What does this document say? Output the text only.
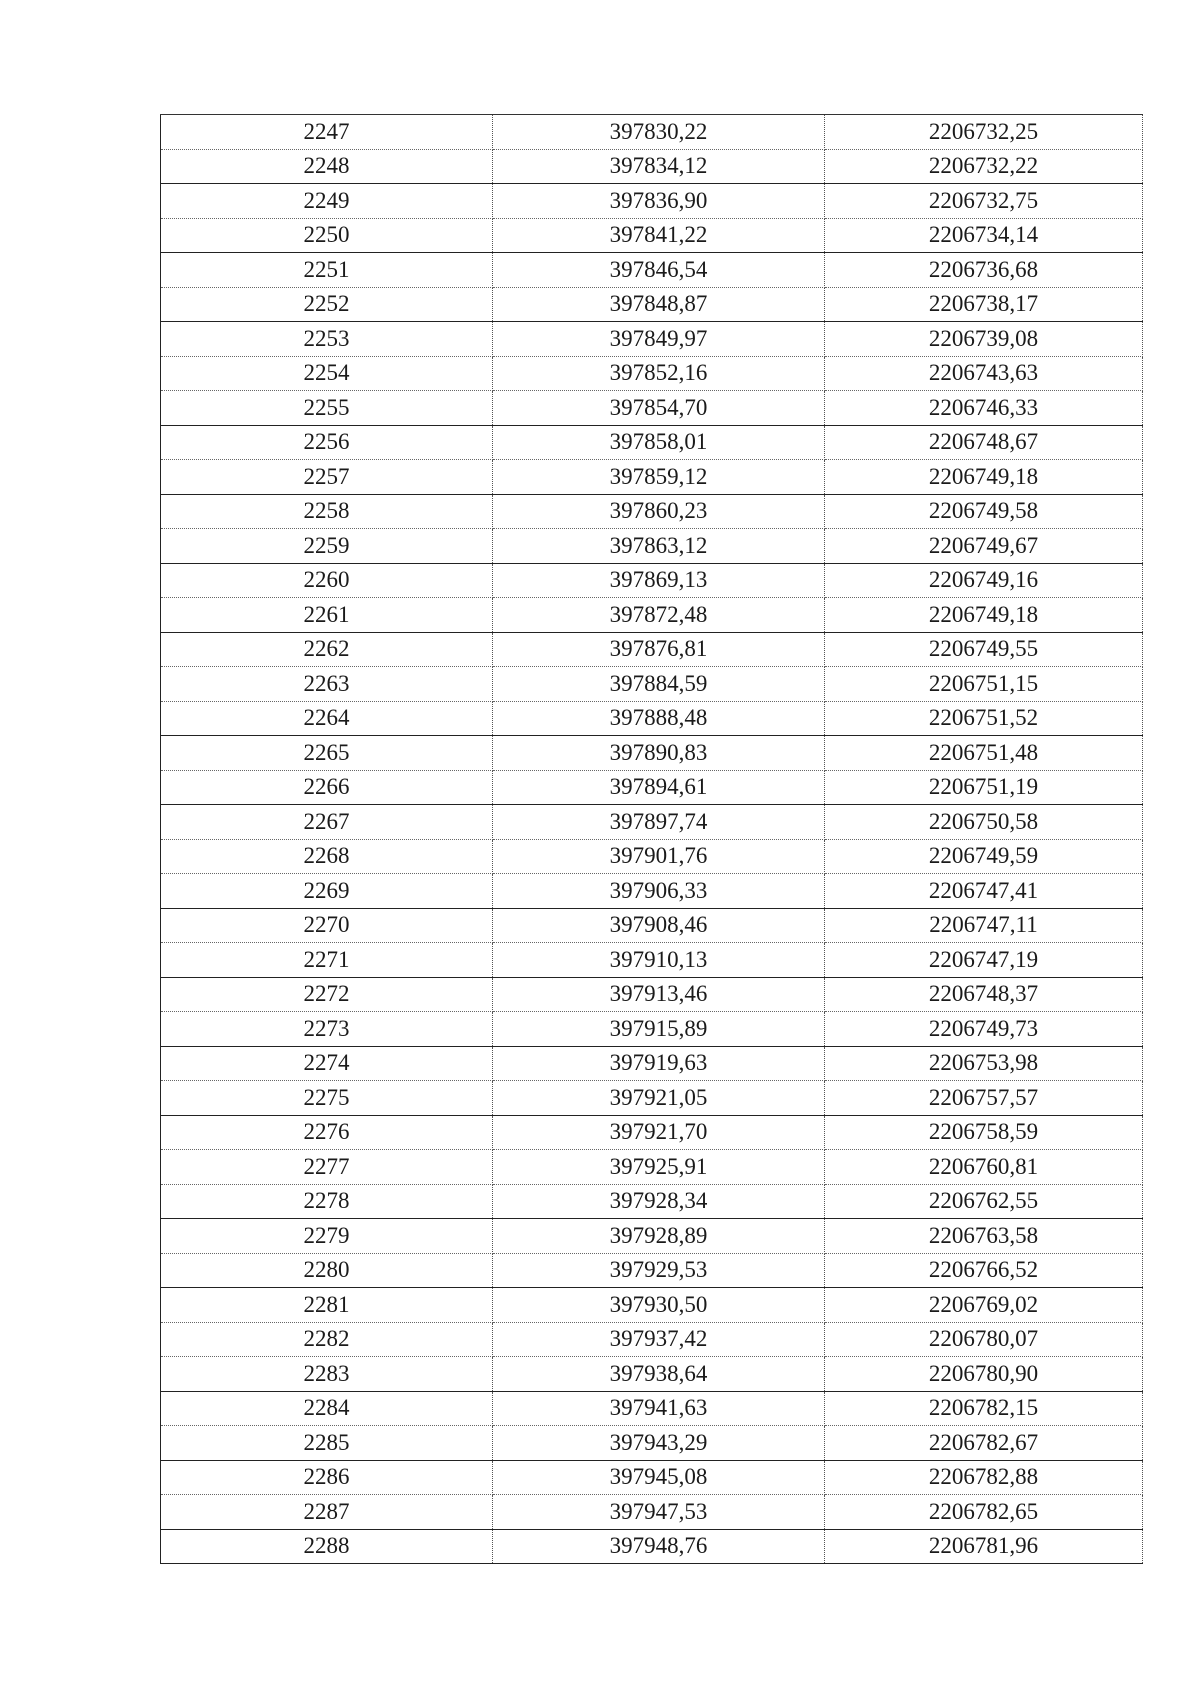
2247	397830,22	2206732,25
2248	397834,12	2206732,22
2249	397836,90	2206732,75
2250	397841,22	2206734,14
2251	397846,54	2206736,68
2252	397848,87	2206738,17
2253	397849,97	2206739,08
2254	397852,16	2206743,63
2255	397854,70	2206746,33
2256	397858,01	2206748,67
2257	397859,12	2206749,18
2258	397860,23	2206749,58
2259	397863,12	2206749,67
2260	397869,13	2206749,16
2261	397872,48	2206749,18
2262	397876,81	2206749,55
2263	397884,59	2206751,15
2264	397888,48	2206751,52
2265	397890,83	2206751,48
2266	397894,61	2206751,19
2267	397897,74	2206750,58
2268	397901,76	2206749,59
2269	397906,33	2206747,41
2270	397908,46	2206747,11
2271	397910,13	2206747,19
2272	397913,46	2206748,37
2273	397915,89	2206749,73
2274	397919,63	2206753,98
2275	397921,05	2206757,57
2276	397921,70	2206758,59
2277	397925,91	2206760,81
2278	397928,34	2206762,55
2279	397928,89	2206763,58
2280	397929,53	2206766,52
2281	397930,50	2206769,02
2282	397937,42	2206780,07
2283	397938,64	2206780,90
2284	397941,63	2206782,15
2285	397943,29	2206782,67
2286	397945,08	2206782,88
2287	397947,53	2206782,65
2288	397948,76	2206781,96
